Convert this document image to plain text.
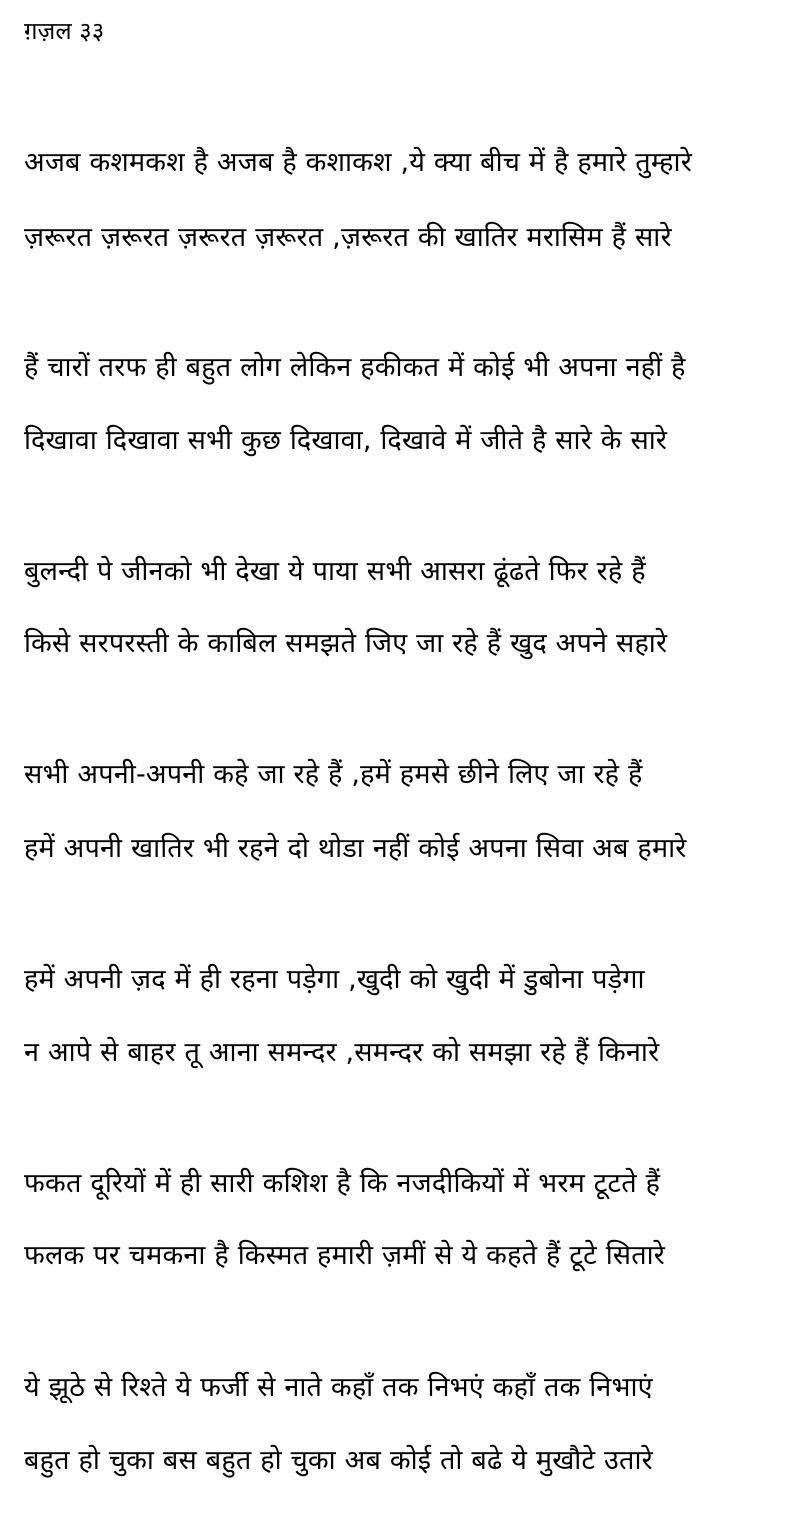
ग़ज़ल ३३
अजब कशमकश है अजब है कशाकश ,ये क्या बीच में है हमारे तुम्हारे
ज़रूरत ज़रूरत ज़रूरत ज़रूरत ,ज़रूरत की खातिर मरासिम हैं सारे
हैं चारों तरफ ही बहुत लोग लेकिन हकीकत में कोई भी अपना नहीं है
दिखावा दिखावा सभी कुछ दिखावा, दिखावे में जीते है सारे के सारे
बुलन्दी पे जीनको भी देखा ये पाया सभी आसरा ढूंढते फिर रहे हैं
किसे सरपरस्ती के काबिल समझते जिए जा रहे हैं खुद अपने सहारे
सभी अपनी-अपनी कहे जा रहे हैं ,हमें हमसे छीने लिए जा रहे हैं
हमें अपनी खातिर भी रहने दो थोडा नहीं कोई अपना सिवा अब हमारे
हमें अपनी ज़द में ही रहना पड़ेगा ,खुदी को खुदी में डुबोना पड़ेगा
न आपे से बाहर तू आना समन्दर ,समन्दर को समझा रहे हैं किनारे
फकत दूरियों में ही सारी कशिश है कि नजदीकियों में भरम टूटते हैं
फलक पर चमकना है किस्मत हमारी ज़मीं से ये कहते हैं टूटे सितारे
ये झूठे से रिश्ते ये फर्जी से नाते कहाँ तक निभएं कहाँ तक निभाएं
बहुत हो चुका बस बहुत हो चुका अब कोई तो बढे ये मुखौटे उतारे
